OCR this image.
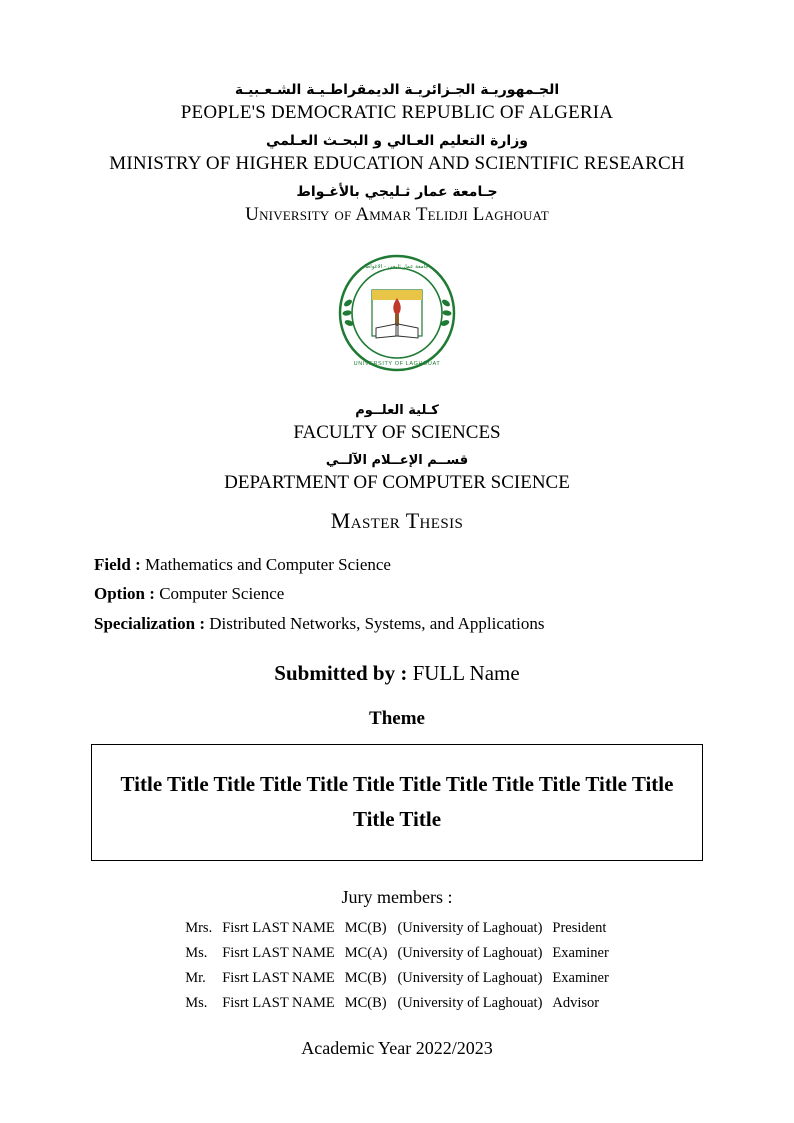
الجـمهوريـة الجـزائريـة الديمقراطـيـة الشـعـبيـة
PEOPLE'S DEMOCRATIC REPUBLIC OF ALGERIA
وزارة التعليم العـالي و البحـث العـلمي
MINISTRY OF HIGHER EDUCATION AND SCIENTIFIC RESEARCH
جـامعة عمار ثـليجي بالأغـواط
University of Ammar Telidji Laghouat
جامعة عمار ثليجي - الاغواط
UNIVERSITY OF LAGHOUAT
كـلية العلــوم
FACULTY OF SCIENCES
قســم الإعــلام الآلــي
DEPARTMENT OF COMPUTER SCIENCE
Master Thesis
Field : Mathematics and Computer Science
Option : Computer Science
Specialization : Distributed Networks, Systems, and Applications
Submitted by : FULL Name
Theme
Title Title Title Title Title Title Title Title Title Title Title Title Title Title
Jury members :
Mrs.	Fisrt LAST NAME	MC(B)	(University of Laghouat)	President
Ms.	Fisrt LAST NAME	MC(A)	(University of Laghouat)	Examiner
Mr.	Fisrt LAST NAME	MC(B)	(University of Laghouat)	Examiner
Ms.	Fisrt LAST NAME	MC(B)	(University of Laghouat)	Advisor
Academic Year 2022/2023
